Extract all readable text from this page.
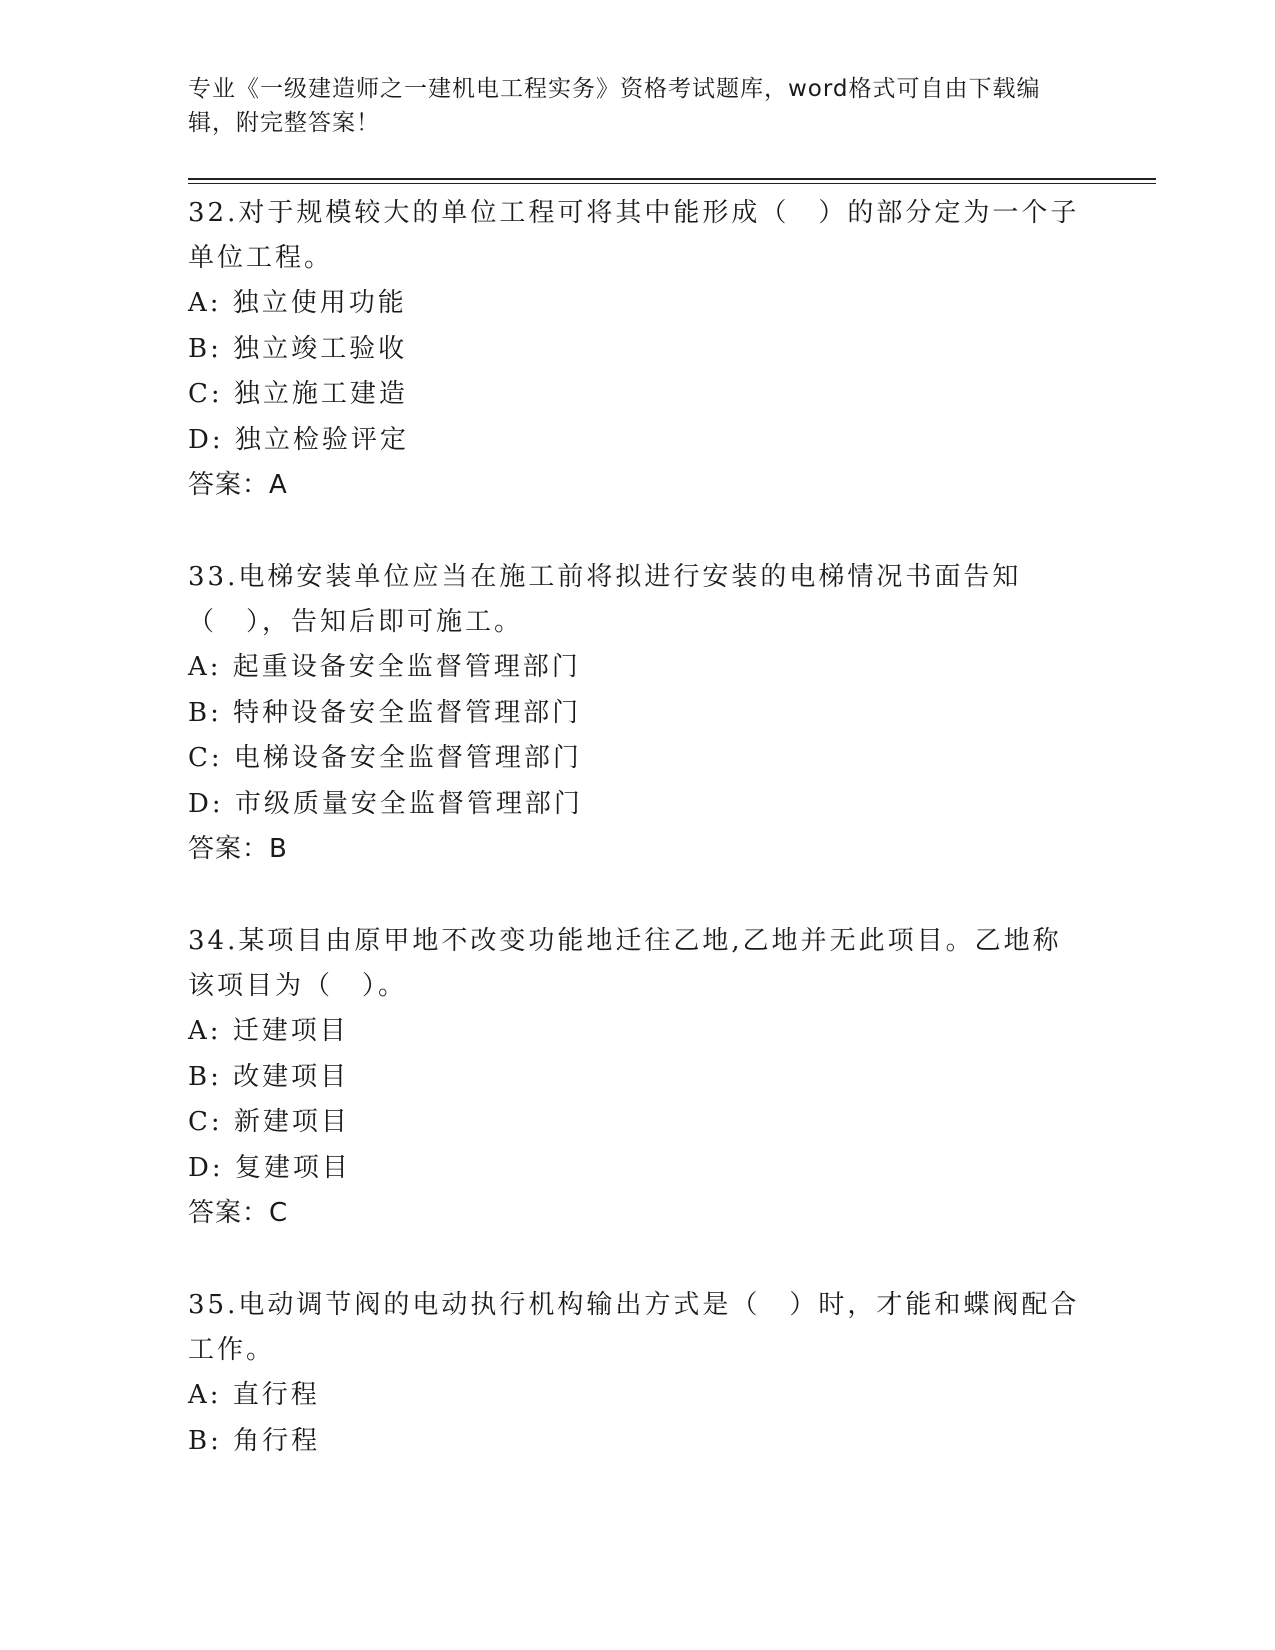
专业《一级建造师之一建机电工程实务》资格考试题库，word格式可自由下载编辑，附完整答案！

32.对于规模较大的单位工程可将其中能形成（　）的部分定为一个子单位工程。

A: 独立使用功能

B: 独立竣工验收

C: 独立施工建造

D: 独立检验评定

答案：A

33.电梯安装单位应当在施工前将拟进行安装的电梯情况书面告知（　），告知后即可施工。

A: 起重设备安全监督管理部门

B: 特种设备安全监督管理部门

C: 电梯设备安全监督管理部门

D: 市级质量安全监督管理部门

答案：B

34.某项目由原甲地不改变功能地迁往乙地,乙地并无此项目。乙地称该项目为（　）。

A: 迁建项目

B: 改建项目

C: 新建项目

D: 复建项目

答案：C

35.电动调节阀的电动执行机构输出方式是（　）时，才能和蝶阀配合工作。

A: 直行程

B: 角行程
